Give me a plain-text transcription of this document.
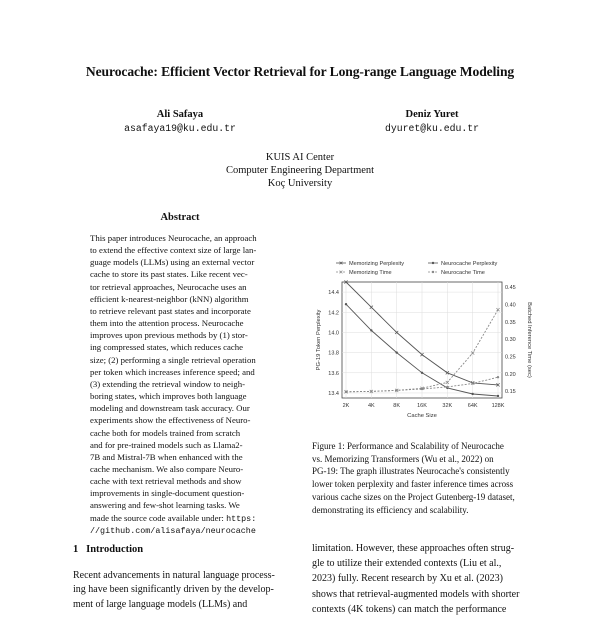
Neurocache: Efficient Vector Retrieval for Long-range Language Modeling
Ali Safaya
asafaya19@ku.edu.tr
Deniz Yuret
dyuret@ku.edu.tr
KUIS AI Center
Computer Engineering Department
Koç University
Abstract
This paper introduces Neurocache, an approach
to extend the effective context size of large lan-
guage models (LLMs) using an external vector
cache to store its past states. Like recent vec-
tor retrieval approaches, Neurocache uses an
efficient k-nearest-neighbor (kNN) algorithm
to retrieve relevant past states and incorporate
them into the attention process. Neurocache
improves upon previous methods by (1) stor-
ing compressed states, which reduces cache
size; (2) performing a single retrieval operation
per token which increases inference speed; and
(3) extending the retrieval window to neigh-
boring states, which improves both language
modeling and downstream task accuracy. Our
experiments show the effectiveness of Neuro-
cache both for models trained from scratch
and for pre-trained models such as Llama2-
7B and Mistral-7B when enhanced with the
cache mechanism. We also compare Neuro-
cache with text retrieval methods and show
improvements in single-document question-
answering and few-shot learning tasks. We
made the source code available under: https:
//github.com/alisafaya/neurocache
1 Introduction
Recent advancements in natural language process-
ing have been significantly driven by the develop-
ment of large language models (LLMs) and
2K	4K	8K	16K	32K	64K	128K
14.4
14.2
14.0
13.8
13.6
13.4
0.45
0.40
0.35
0.30
0.25
0.20
0.15
Cache Size
PG-19 Token Perplexity	Batched Inference Time (sec)
Memorizing Perplexity	Neurocache Perplexity
Memorizing Time	Neurocache Time
Figure 1: Performance and Scalability of Neurocache
vs. Memorizing Transformers (Wu et al., 2022) on
PG-19: The graph illustrates Neurocache's consistently
lower token perplexity and faster inference times across
various cache sizes on the Project Gutenberg-19 dataset,
demonstrating its efficiency and scalability.
limitation. However, these approaches often strug-
gle to utilize their extended contexts (Liu et al.,
2023) fully. Recent research by Xu et al. (2023)
shows that retrieval-augmented models with shorter
contexts (4K tokens) can match the performance
